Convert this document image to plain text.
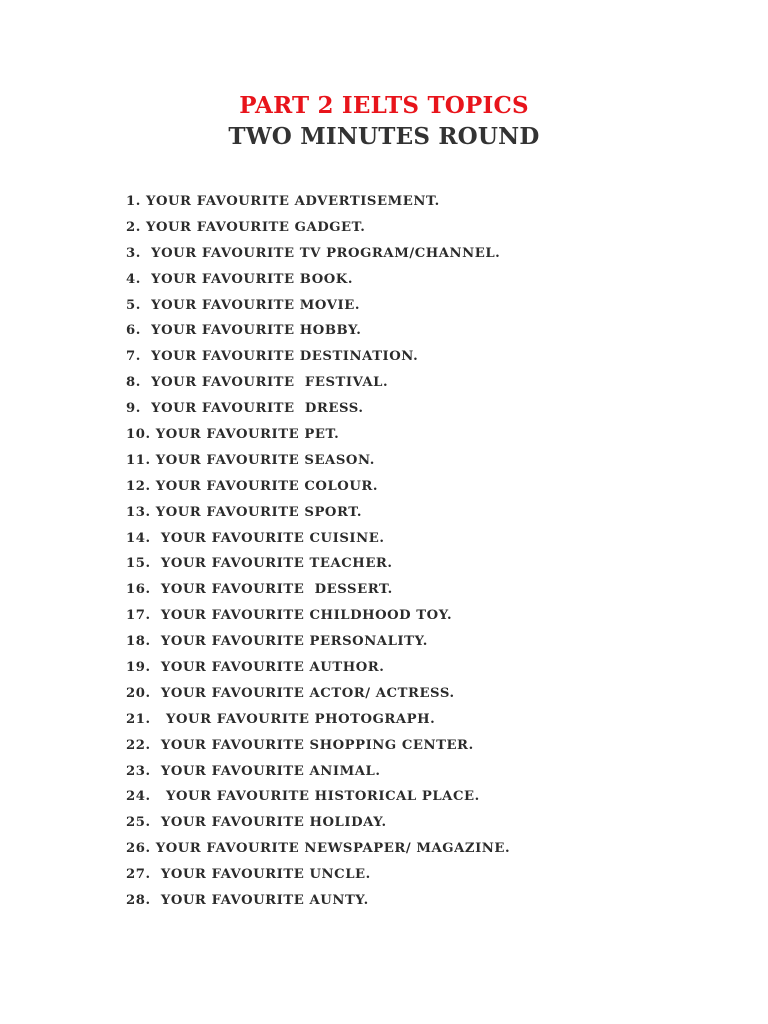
PART 2 IELTS TOPICS
TWO MINUTES ROUND
1. YOUR FAVOURITE ADVERTISEMENT.
2. YOUR FAVOURITE GADGET.
3.  YOUR FAVOURITE TV PROGRAM/CHANNEL.
4.  YOUR FAVOURITE BOOK.
5.  YOUR FAVOURITE MOVIE.
6.  YOUR FAVOURITE HOBBY.
7.  YOUR FAVOURITE DESTINATION.
8.  YOUR FAVOURITE  FESTIVAL.
9.  YOUR FAVOURITE  DRESS.
10. YOUR FAVOURITE PET.
11. YOUR FAVOURITE SEASON.
12. YOUR FAVOURITE COLOUR.
13. YOUR FAVOURITE SPORT.
14.  YOUR FAVOURITE CUISINE.
15.  YOUR FAVOURITE TEACHER.
16.  YOUR FAVOURITE  DESSERT.
17.  YOUR FAVOURITE CHILDHOOD TOY.
18.  YOUR FAVOURITE PERSONALITY.
19.  YOUR FAVOURITE AUTHOR.
20.  YOUR FAVOURITE ACTOR/ ACTRESS.
21.   YOUR FAVOURITE PHOTOGRAPH.
22.  YOUR FAVOURITE SHOPPING CENTER.
23.  YOUR FAVOURITE ANIMAL.
24.   YOUR FAVOURITE HISTORICAL PLACE.
25.  YOUR FAVOURITE HOLIDAY.
26. YOUR FAVOURITE NEWSPAPER/ MAGAZINE.
27.  YOUR FAVOURITE UNCLE.
28.  YOUR FAVOURITE AUNTY.
